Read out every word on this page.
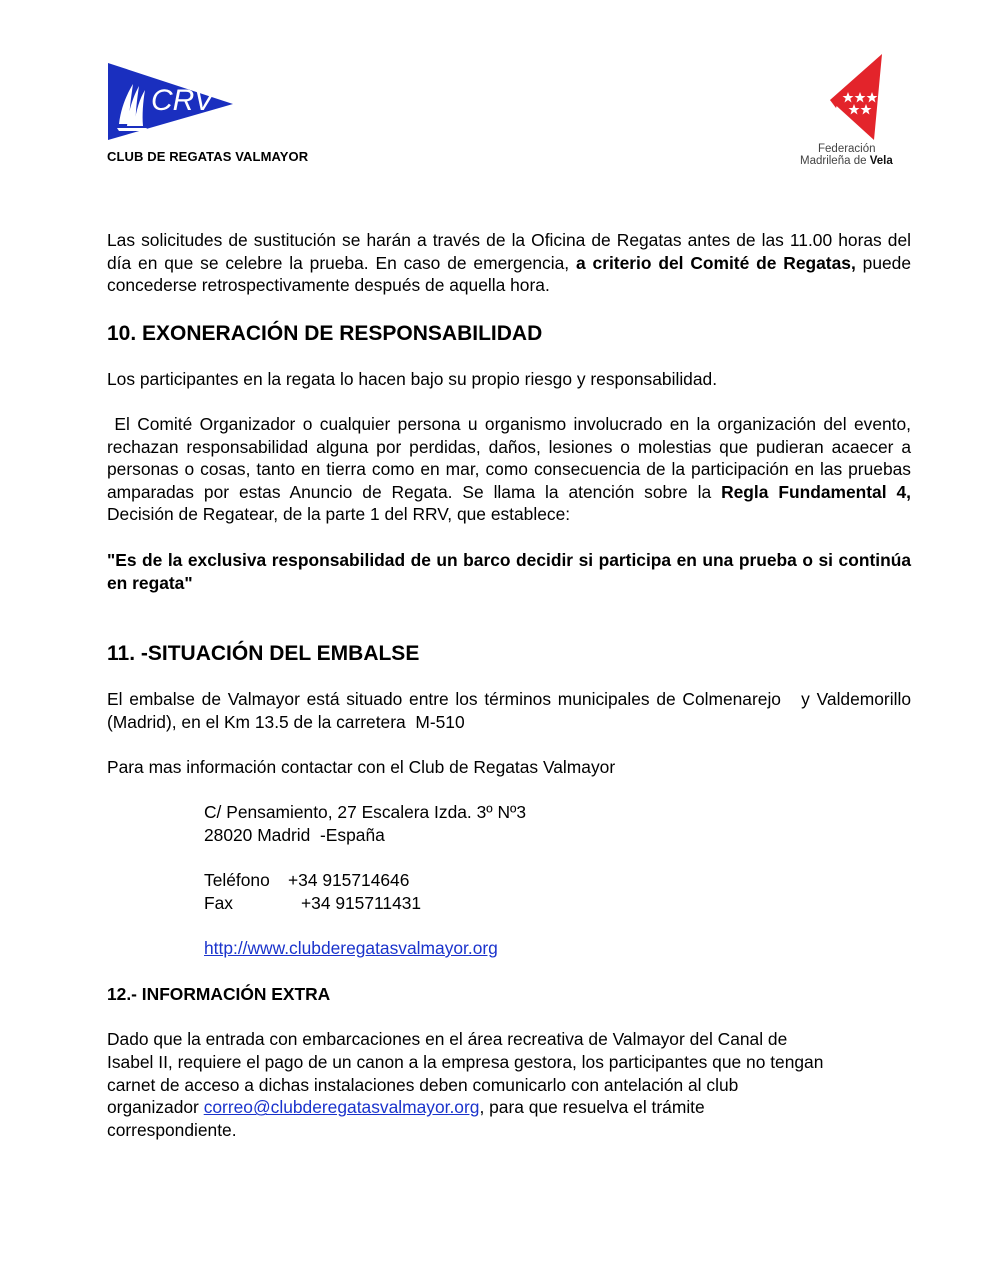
CRV
CLUB DE REGATAS VALMAYOR	Federación
Madrileña de Vela

Las solicitudes de sustitución se harán a través de la Oficina de Regatas antes de las 11.00 horas del día en que se celebre la prueba. En caso de emergencia, a criterio del Comité de Regatas, puede concederse retrospectivamente después de aquella hora.

10. EXONERACIÓN DE RESPONSABILIDAD

Los participantes en la regata lo hacen bajo su propio riesgo y responsabilidad.

El Comité Organizador o cualquier persona u organismo involucrado en la organización del evento, rechazan responsabilidad alguna por perdidas, daños, lesiones o molestias que pudieran acaecer a personas o cosas, tanto en tierra como en mar, como consecuencia de la participación en las pruebas amparadas por estas Anuncio de Regata. Se llama la atención sobre la Regla Fundamental 4, Decisión de Regatear, de la parte 1 del RRV, que establece:

"Es de la exclusiva responsabilidad de un barco decidir si participa en una prueba o si continúa en regata"

11. -SITUACIÓN DEL EMBALSE

El embalse de Valmayor está situado entre los términos municipales de Colmenarejo   y Valdemorillo (Madrid), en el Km 13.5 de la carretera  M-510

Para mas información contactar con el Club de Regatas Valmayor

C/ Pensamiento, 27 Escalera Izda. 3º Nº3

28020 Madrid  -España

Teléfono +34 915714646

Fax	+34 915711431

http://www.clubderegatasvalmayor.org

12.- INFORMACIÓN EXTRA
Dado que la entrada con embarcaciones en el área recreativa de Valmayor del Canal de
Isabel II, requiere el pago de un canon a la empresa gestora, los participantes que no tengan
carnet de acceso a dichas instalaciones deben comunicarlo con antelación al club
organizador correo@clubderegatasvalmayor.org, para que resuelva el trámite
correspondiente.
